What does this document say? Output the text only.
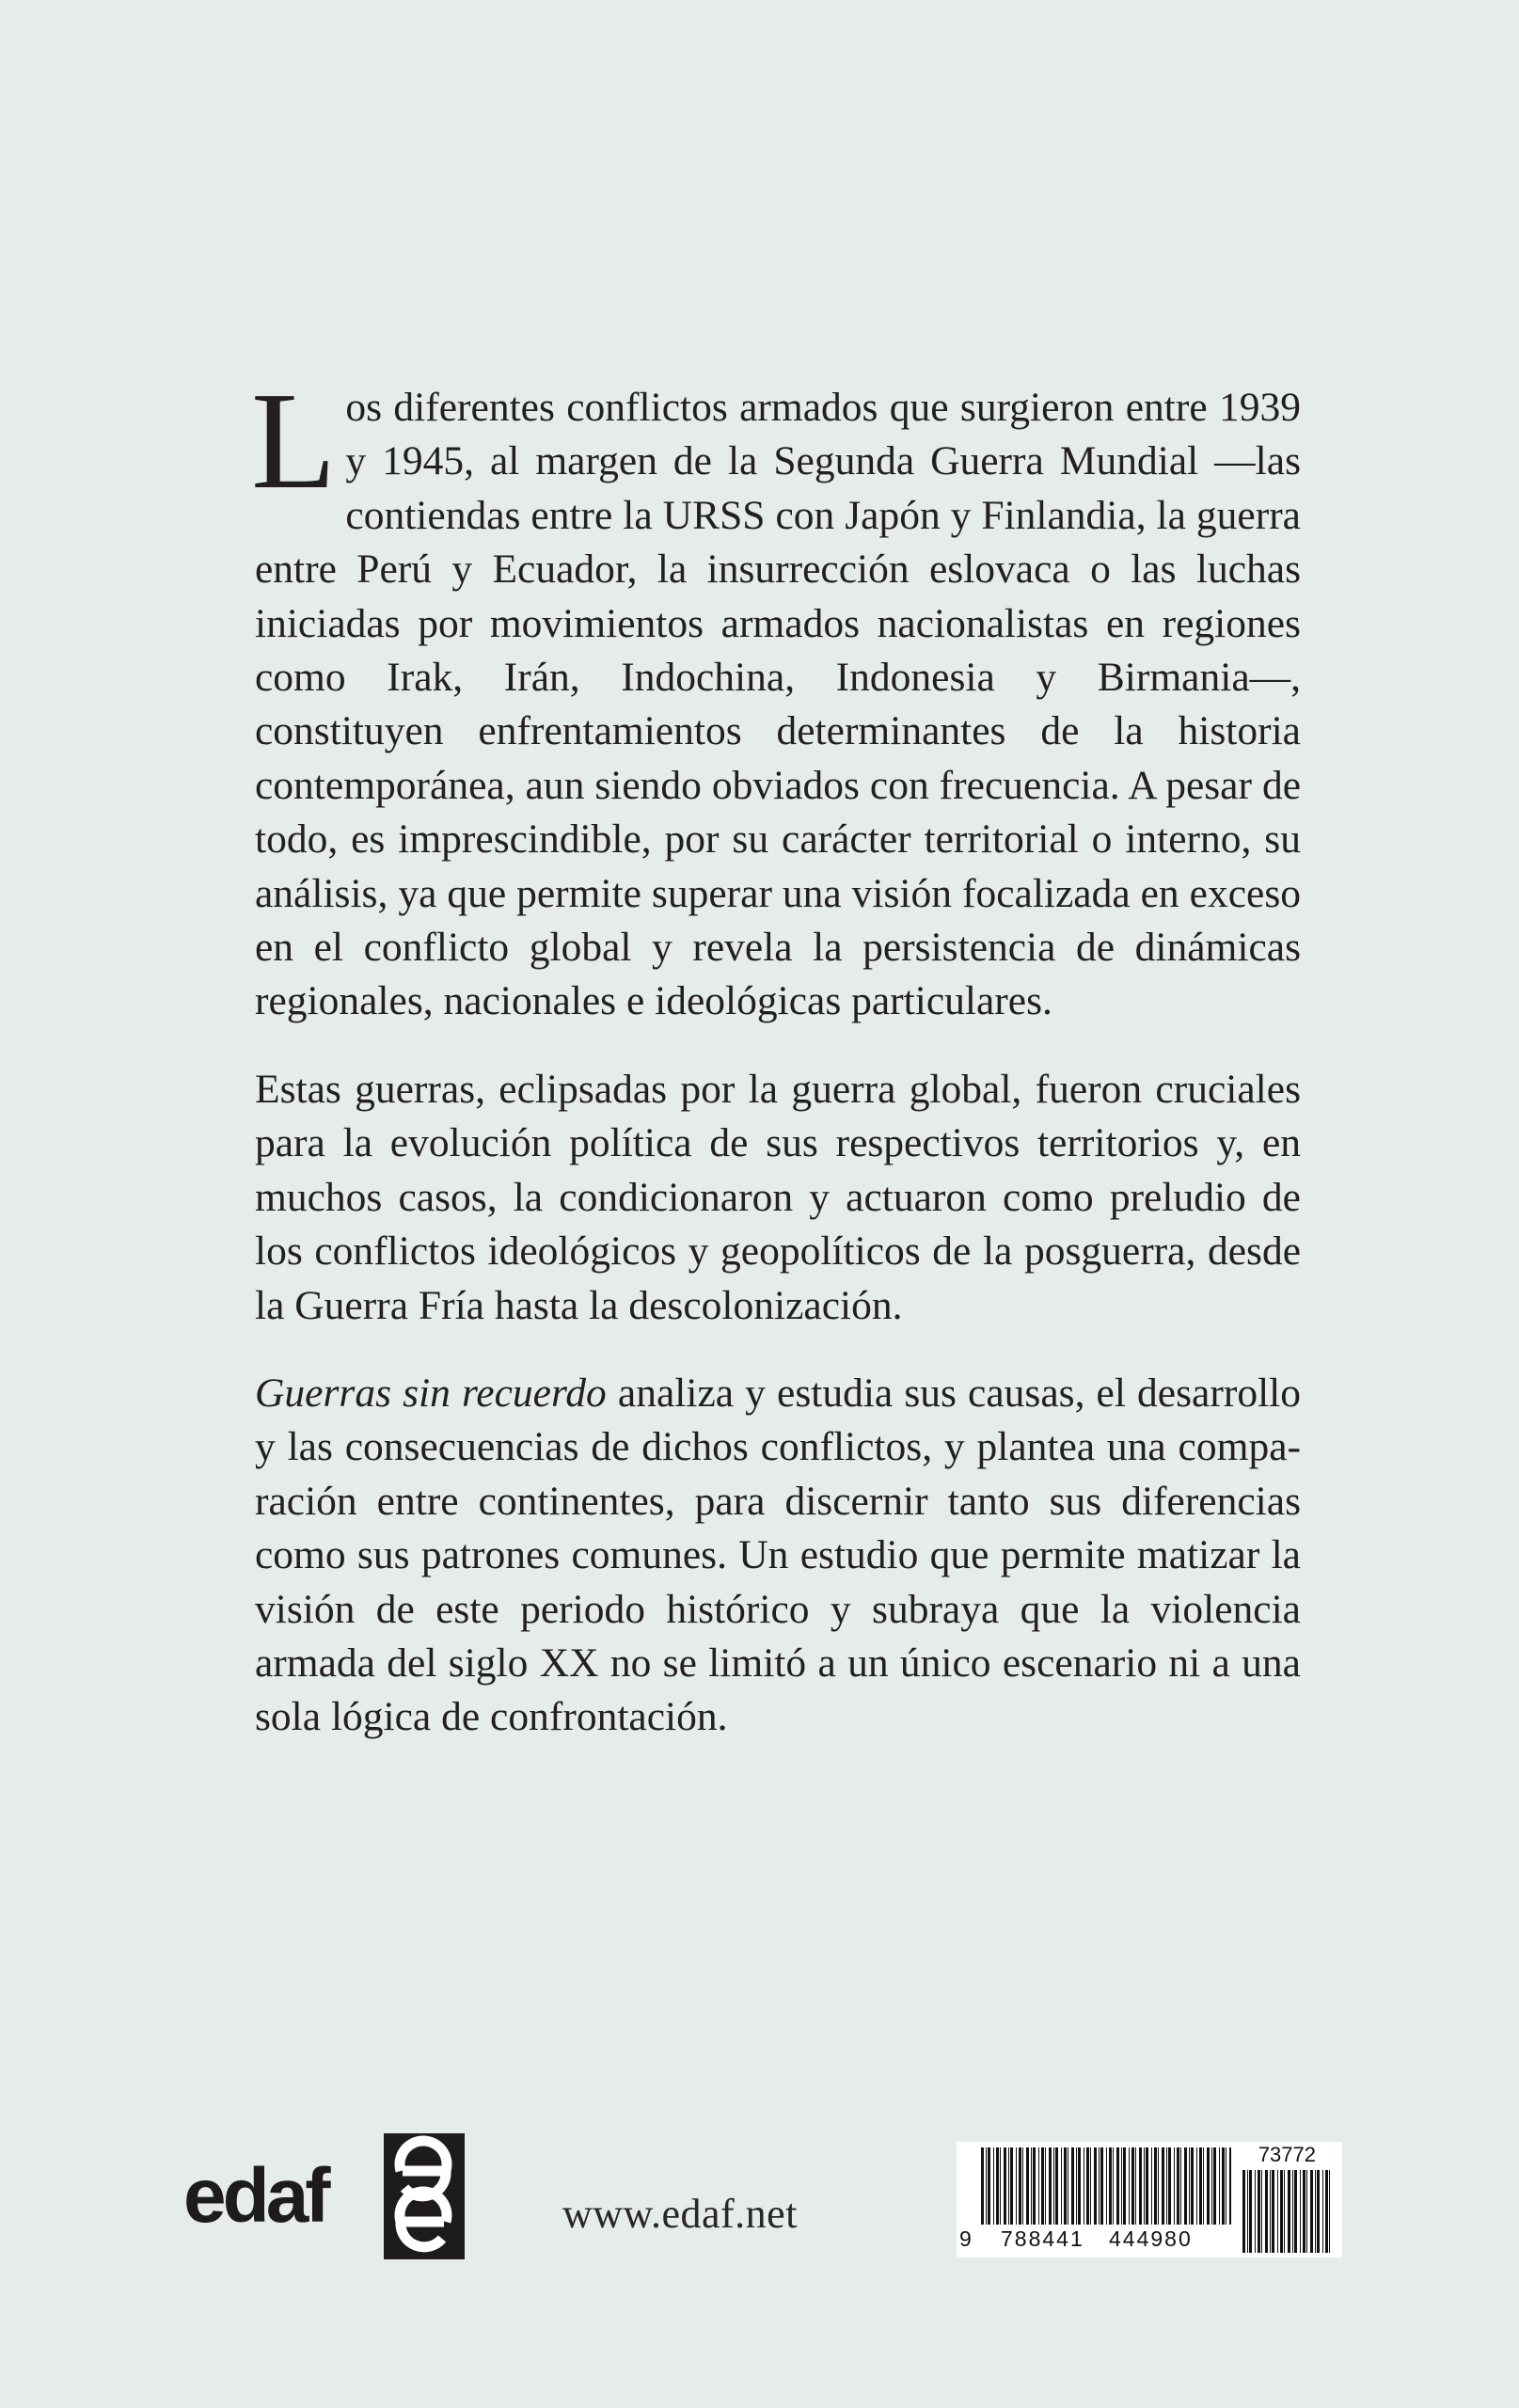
Los diferentes conflictos armados que surgieron entre 1939 y 1945, al margen de la Segunda Guerra Mundial —las contiendas entre la URSS con Japón y Finlandia, la guerra entre Perú y Ecuador, la insurrección eslovaca o las luchas iniciadas por movimientos armados nacionalistas en regiones como Irak, Irán, Indochina, Indonesia y Birmania—, constituyen enfrentamientos determinantes de la historia contemporánea, aun siendo obviados con frecuencia. A pesar de todo, es imprescindible, por su carácter territorial o interno, su análisis, ya que permite superar una visión focalizada en exceso en el conflicto global y revela la persistencia de dinámicas regionales, nacionales e ideológicas particulares.

Estas guerras, eclipsadas por la guerra global, fueron cruciales para la evolución política de sus respectivos territorios y, en muchos casos, la condicionaron y actuaron como preludio de los conflictos ideológicos y geopolíticos de la posguerra, desde la Guerra Fría hasta la descolonización.

Guerras sin recuerdo analiza y estudia sus causas, el desarrollo y las consecuencias de dichos conflictos, y plantea una comparación entre continentes, para discernir tanto sus diferencias como sus patrones comunes. Un estudio que permite matizar la visión de este periodo histórico y subraya que la violencia armada del siglo XX no se limitó a un único escenario ni a una sola lógica de confrontación.

edaf	www.edaf.net
73772
9 788441 444980
